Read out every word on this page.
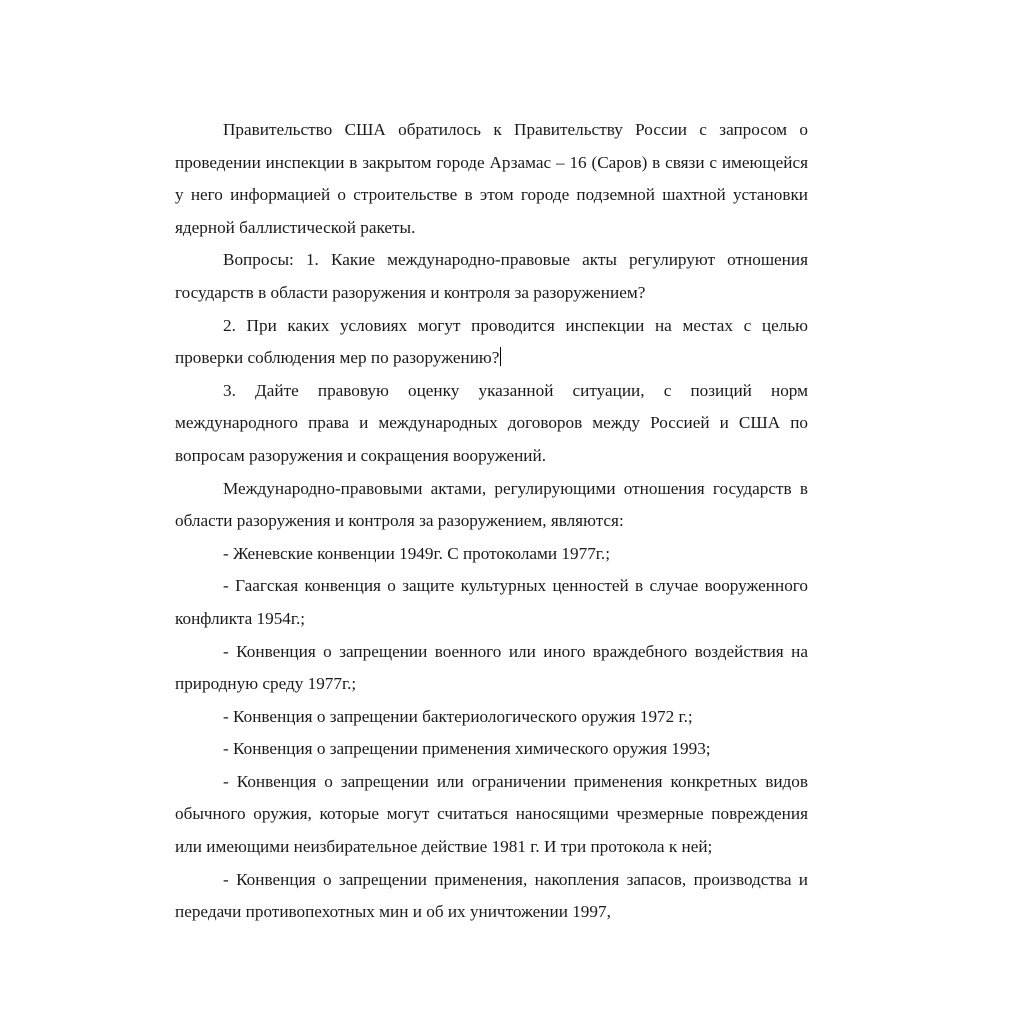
Правительство США обратилось к Правительству России с запросом о проведении инспекции в закрытом городе Арзамас – 16 (Саров) в связи с имеющейся у него информацией о строительстве в этом городе подземной шахтной установки ядерной баллистической ракеты.

Вопросы: 1. Какие международно-правовые акты регулируют отношения государств в области разоружения и контроля за разоружением?

2. При каких условиях могут проводится инспекции на местах с целью проверки соблюдения мер по разоружению?

3. Дайте правовую оценку указанной ситуации, с позиций норм международного права и международных договоров между Россией и США по вопросам разоружения и сокращения вооружений.

Международно-правовыми актами, регулирующими отношения государств в области разоружения и контроля за разоружением, являются:

- Женевские конвенции 1949г. С протоколами 1977г.;

- Гаагская конвенция о защите культурных ценностей в случае вооруженного конфликта 1954г.;

- Конвенция о запрещении военного или иного враждебного воздействия на природную среду 1977г.;

- Конвенция о запрещении бактериологического оружия 1972 г.;

- Конвенция о запрещении применения химического оружия 1993;

- Конвенция о запрещении или ограничении применения конкретных видов обычного оружия, которые могут считаться наносящими чрезмерные повреждения или имеющими неизбирательное действие 1981 г. И три протокола к ней;

- Конвенция о запрещении применения, накопления запасов, производства и передачи противопехотных мин и об их уничтожении 1997,
